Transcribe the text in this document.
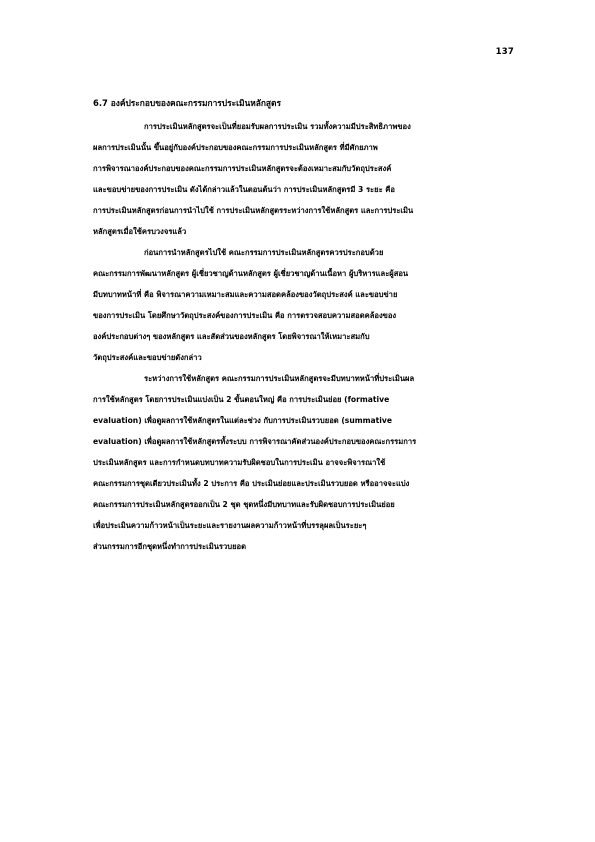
137
6.7 องค์ประกอบของคณะกรรมการประเมินหลักสูตร
การประเมินหลักสูตรจะเป็นที่ยอมรับผลการประเมิน รวมทั้งความมีประสิทธิภาพของ
ผลการประเมินนั้น ขึ้นอยู่กับองค์ประกอบของคณะกรรมการประเมินหลักสูตร ที่มีศักยภาพ
การพิจารณาองค์ประกอบของคณะกรรมการประเมินหลักสูตรจะต้องเหมาะสมกับวัตถุประสงค์
และขอบข่ายของการประเมิน ดังได้กล่าวแล้วในตอนต้นว่า การประเมินหลักสูตรมี 3 ระยะ คือ
การประเมินหลักสูตรก่อนการนำไปใช้ การประเมินหลักสูตรระหว่างการใช้หลักสูตร และการประเมิน
หลักสูตรเมื่อใช้ครบวงจรแล้ว
ก่อนการนำหลักสูตรไปใช้ คณะกรรมการประเมินหลักสูตรควรประกอบด้วย
คณะกรรมการพัฒนาหลักสูตร ผู้เชี่ยวชาญด้านหลักสูตร ผู้เชี่ยวชาญด้านเนื้อหา ผู้บริหารและผู้สอน
มีบทบาทหน้าที่ คือ พิจารณาความเหมาะสมและความสอดคล้องของวัตถุประสงค์ และขอบข่าย
ของการประเมิน โดยศึกษาวัตถุประสงค์ของการประเมิน คือ การตรวจสอบความสอดคล้องของ
องค์ประกอบต่างๆ ของหลักสูตร และสัดส่วนของหลักสูตร โดยพิจารณาให้เหมาะสมกับ
วัตถุประสงค์และขอบข่ายดังกล่าว
ระหว่างการใช้หลักสูตร คณะกรรมการประเมินหลักสูตรจะมีบทบาทหน้าที่ประเมินผล
การใช้หลักสูตร โดยการประเมินแบ่งเป็น 2 ขั้นตอนใหญ่ คือ การประเมินย่อย (formative
evaluation) เพื่อดูผลการใช้หลักสูตรในแต่ละช่วง กับการประเมินรวบยอด (summative
evaluation) เพื่อดูผลการใช้หลักสูตรทั้งระบบ การพิจารณาคัดส่วนองค์ประกอบของคณะกรรมการ
ประเมินหลักสูตร และการกำหนดบทบาทความรับผิดชอบในการประเมิน อาจจะพิจารณาใช้
คณะกรรมการชุดเดียวประเมินทั้ง 2 ประการ คือ ประเมินย่อยและประเมินรวบยอด หรืออาจจะแบ่ง
คณะกรรมการประเมินหลักสูตรออกเป็น 2 ชุด ชุดหนึ่งมีบทบาทและรับผิดชอบการประเมินย่อย
เพื่อประเมินความก้าวหน้าเป็นระยะและรายงานผลความก้าวหน้าที่บรรลุผลเป็นระยะๆ
ส่วนกรรมการอีกชุดหนึ่งทำการประเมินรวบยอด
